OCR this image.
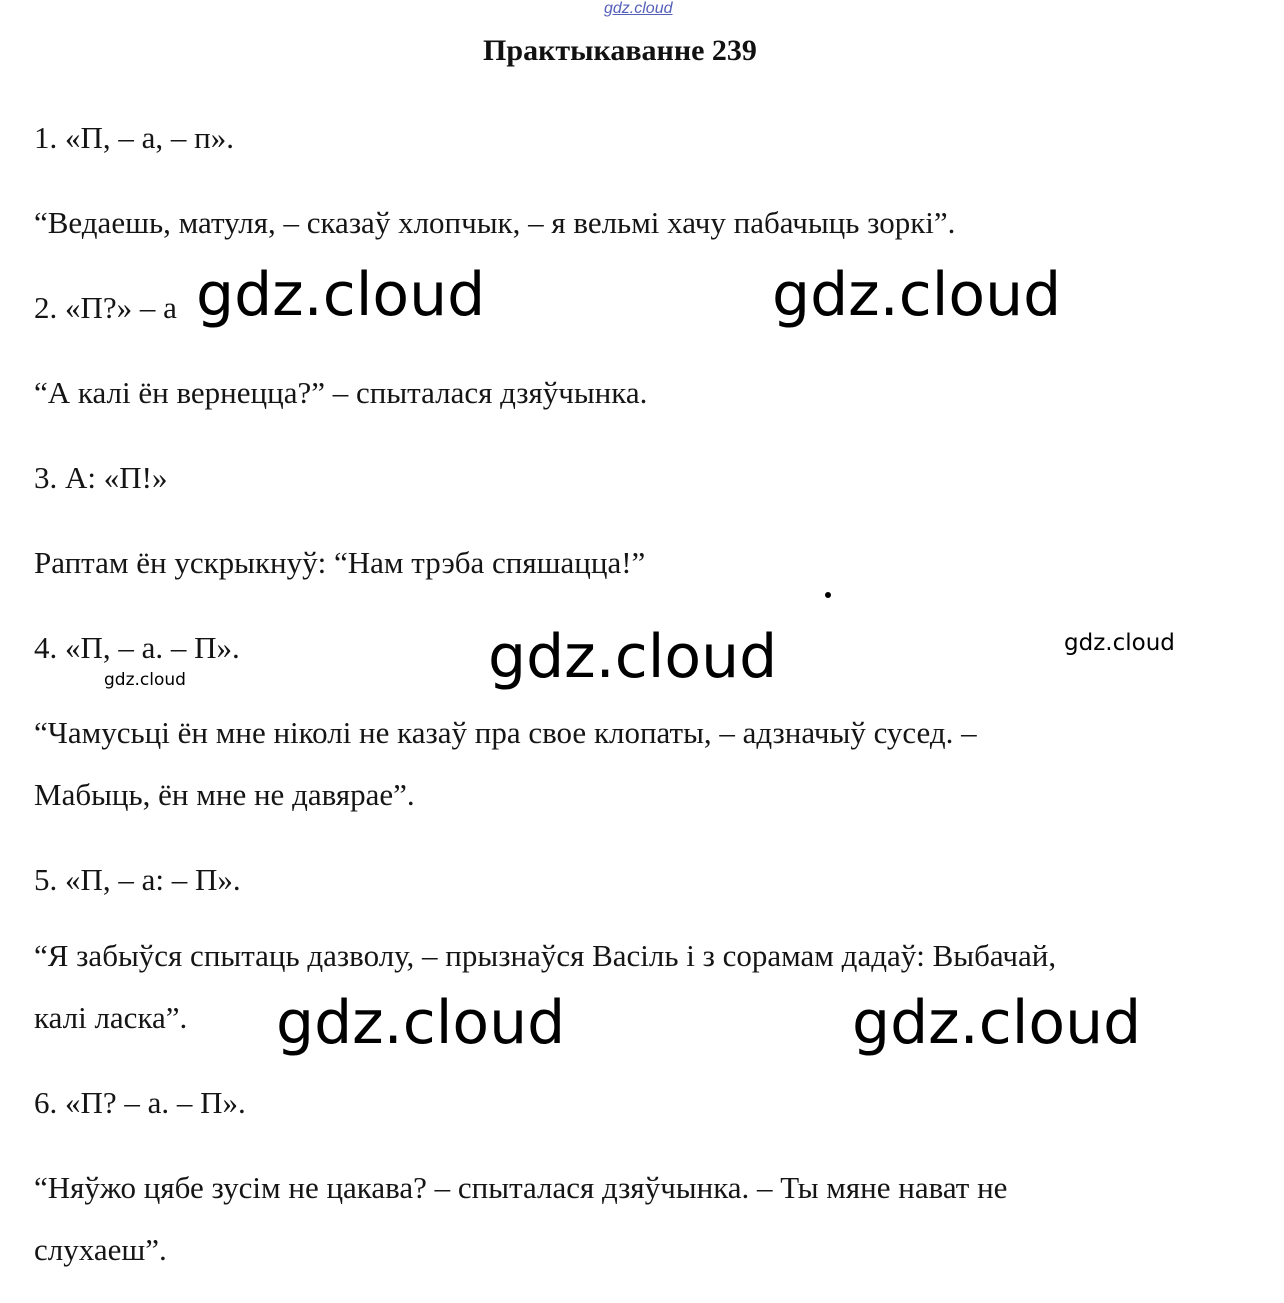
gdz.cloud
Практыкаванне 239
1. «П, – а, – п».
“Ведаешь, матуля, – сказаў хлопчык, – я вельмі хачу пабачыць зоркі”.
2. «П?» – а
“А калі ён вернецца?” – спыталася дзяўчынка.
3. А: «П!»
Раптам ён ускрыкнуў: “Нам трэба спяшацца!”
4. «П, – а. – П».
“Чамусьці ён мне ніколі не казаў пра свое клопаты, – адзначыў сусед. –
Мабыць, ён мне не давярае”.
5. «П, – а: – П».
“Я забыўся спытаць дазволу, – прызнаўся Васіль і з сорамам дадаў: Выбачай,
калі ласка”.
6. «П? – а. – П».
“Няўжо цябе зусім не цакава? – спыталася дзяўчынка. – Ты мяне нават не
слухаеш”.
gdz.cloud	gdz.cloud
gdz.cloud
gdz.cloud	gdz.cloud
gdz.cloud
gdz.cloud
